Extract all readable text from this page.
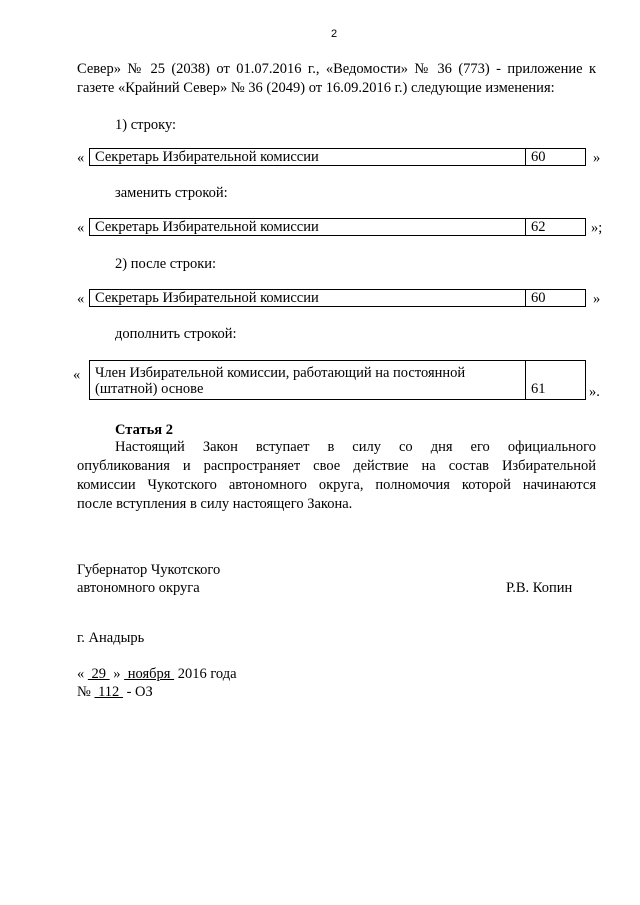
2
Север» № 25 (2038) от 01.07.2016 г., «Ведомости» № 36 (773) - приложение к
газете «Крайний Север» № 36 (2049) от 16.09.2016 г.) следующие изменения:
1) строку:
« Секретарь Избирательной комиссии	60	»
заменить строкой:
« Секретарь Избирательной комиссии	62	»;
2) после строки:
« Секретарь Избирательной комиссии	60	»
дополнить строкой:
« Член Избирательной комиссии, работающий на постоянной
(штатной) основе	61	».
Статья 2
Настоящий Закон вступает в силу со дня его официального
опубликования и распространяет свое действие на состав Избирательной
комиссии Чукотского автономного округа, полномочия которой начинаются
после вступления в силу настоящего Закона.
Губернатор Чукотского
автономного округа	Р.В. Копин
г. Анадырь
«  29  »  ноября  2016 года
№  112  - ОЗ
